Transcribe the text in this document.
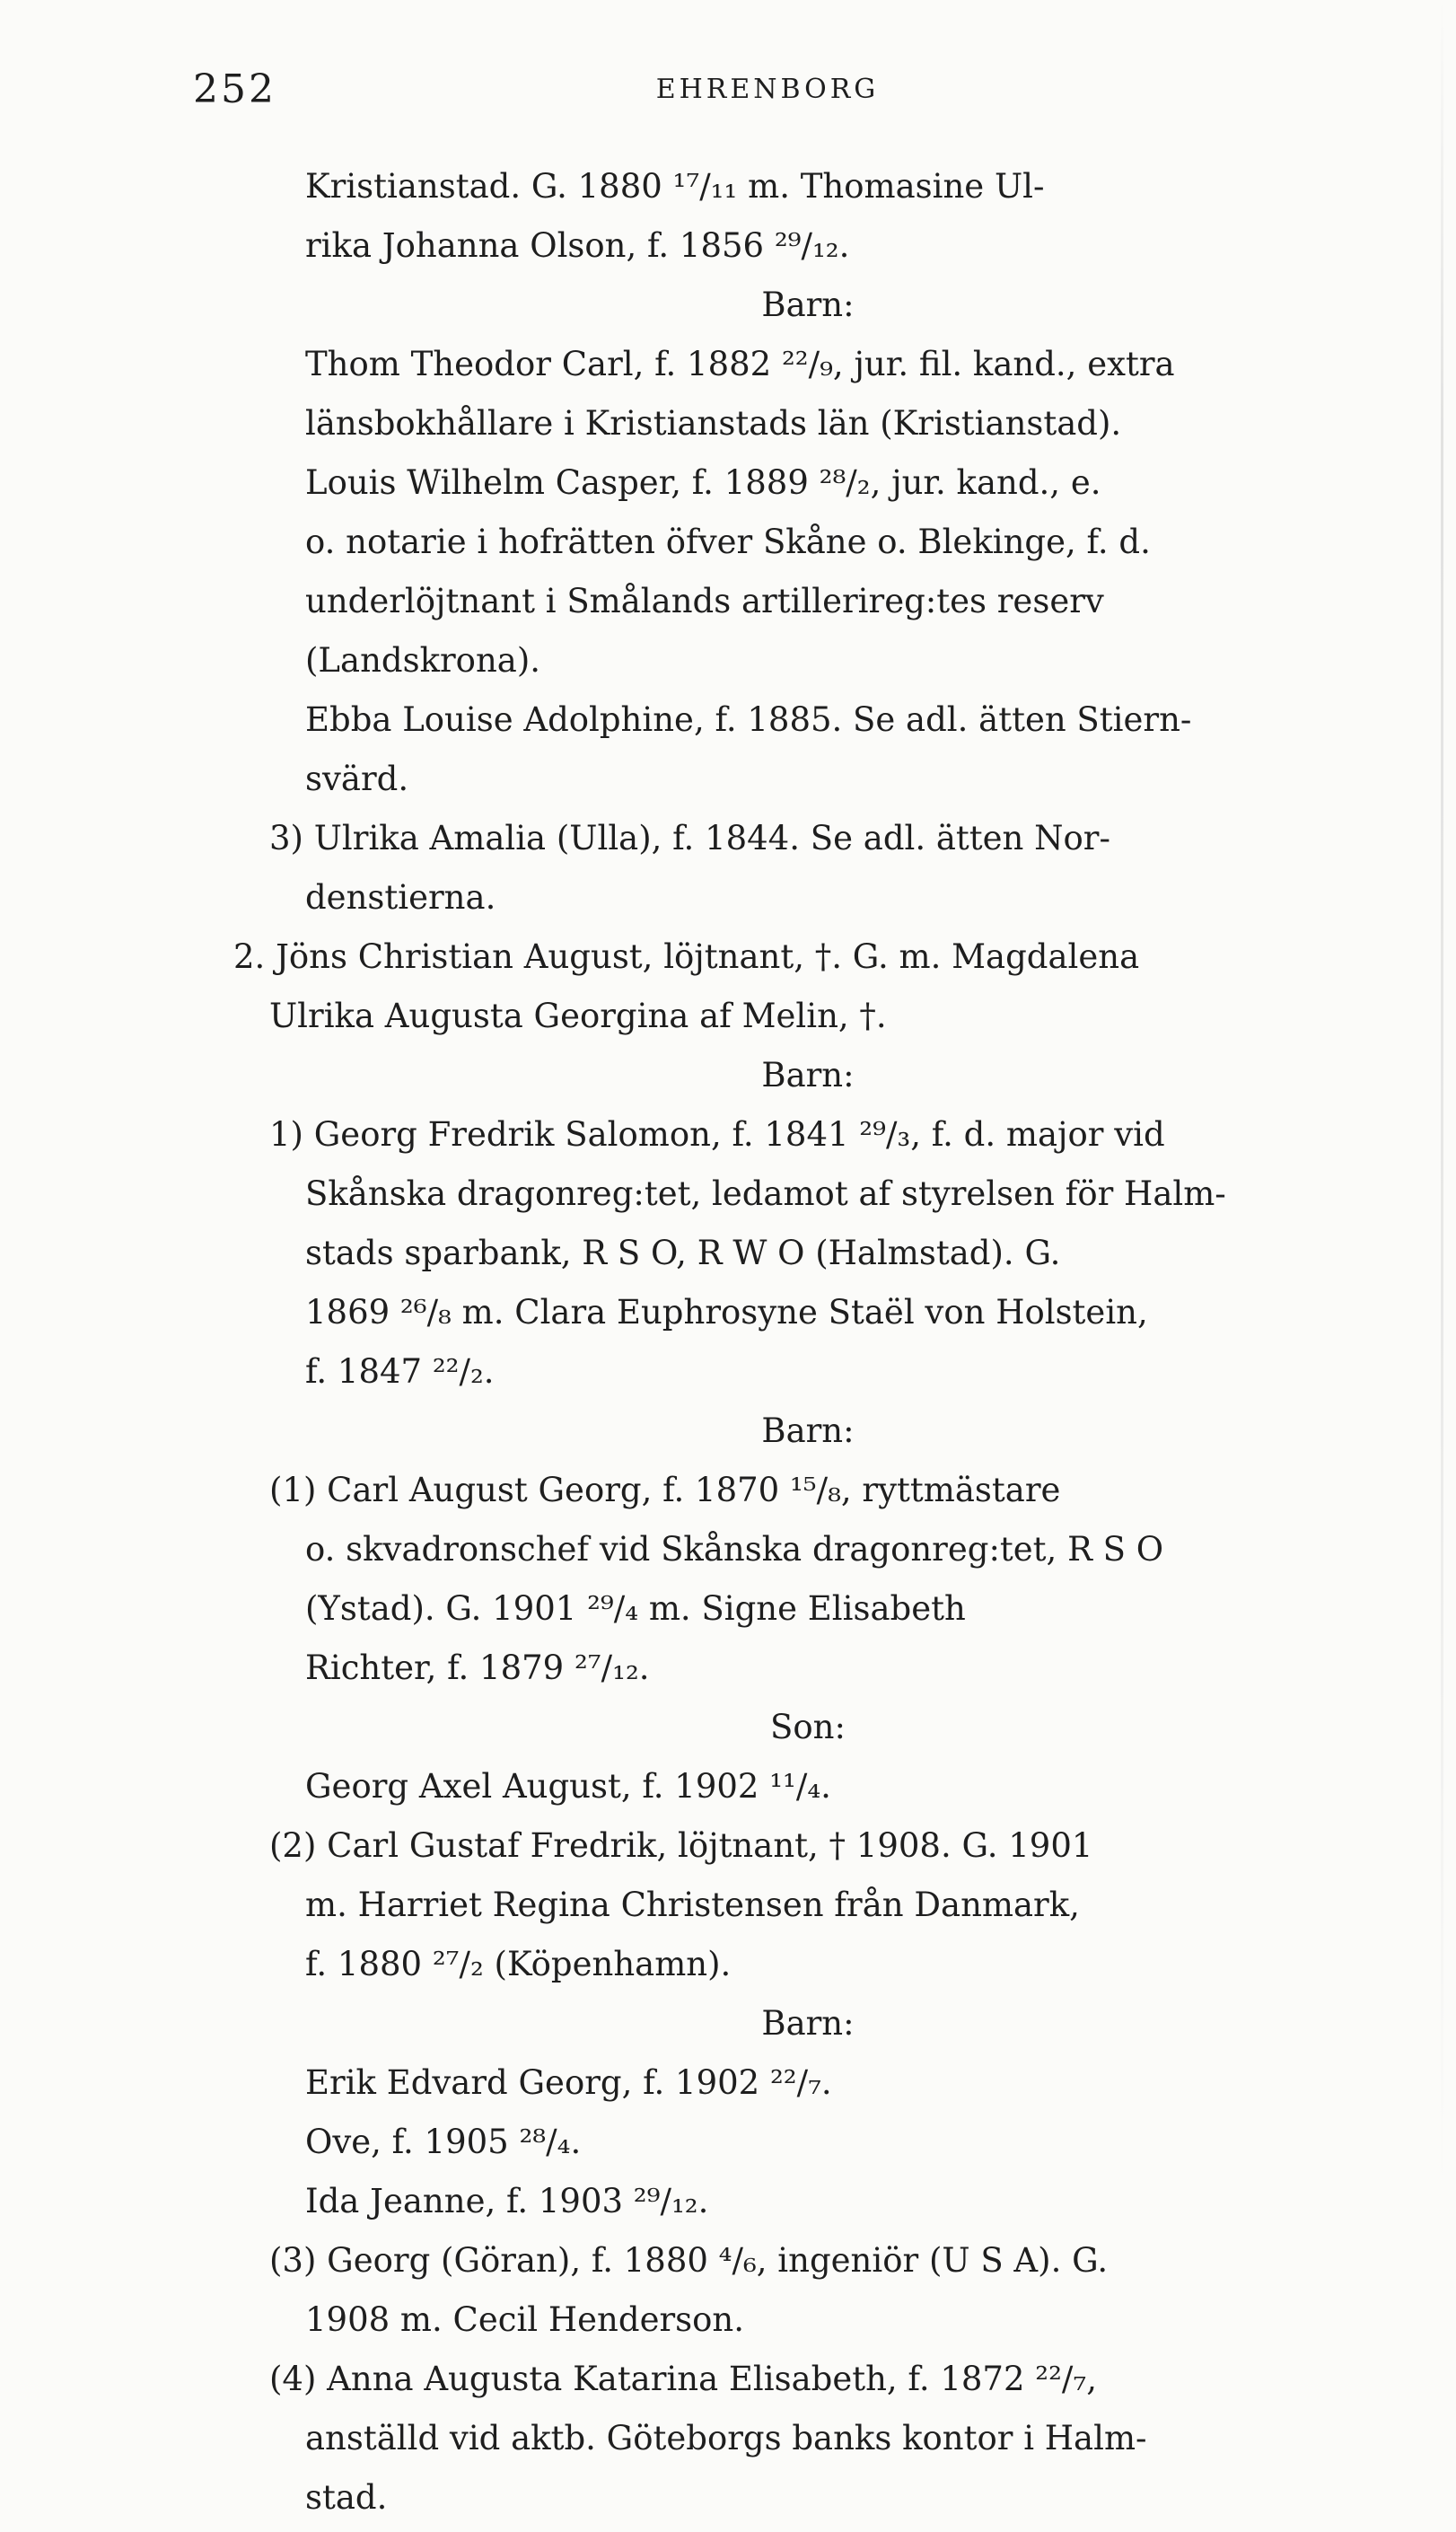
252	EHRENBORG
Kristianstad. G. 1880 ¹⁷/₁₁ m. Thomasine Ul-
rika Johanna Olson, f. 1856 ²⁹/₁₂.
Barn:
Thom Theodor Carl, f. 1882 ²²/₉, jur. fil. kand., extra
länsbokhållare i Kristianstads län (Kristianstad).
Louis Wilhelm Casper, f. 1889 ²⁸/₂, jur. kand., e.
o. notarie i hofrätten öfver Skåne o. Blekinge, f. d.
underlöjtnant i Smålands artillerireg:tes reserv
(Landskrona).
Ebba Louise Adolphine, f. 1885. Se adl. ätten Stiern-
svärd.
3) Ulrika Amalia (Ulla), f. 1844. Se adl. ätten Nor-
denstierna.
2. Jöns Christian August, löjtnant, †. G. m. Magdalena
Ulrika Augusta Georgina af Melin, †.
Barn:
1) Georg Fredrik Salomon, f. 1841 ²⁹/₃, f. d. major vid
Skånska dragonreg:tet, ledamot af styrelsen för Halm-
stads sparbank, R S O, R W O (Halmstad). G.
1869 ²⁶/₈ m. Clara Euphrosyne Staël von Holstein,
f. 1847 ²²/₂.
Barn:
(1) Carl August Georg, f. 1870 ¹⁵/₈, ryttmästare
o. skvadronschef vid Skånska dragonreg:tet, R S O
(Ystad). G. 1901 ²⁹/₄ m. Signe Elisabeth
Richter, f. 1879 ²⁷/₁₂.
Son:
Georg Axel August, f. 1902 ¹¹/₄.
(2) Carl Gustaf Fredrik, löjtnant, † 1908. G. 1901
m. Harriet Regina Christensen från Danmark,
f. 1880 ²⁷/₂ (Köpenhamn).
Barn:
Erik Edvard Georg, f. 1902 ²²/₇.
Ove, f. 1905 ²⁸/₄.
Ida Jeanne, f. 1903 ²⁹/₁₂.
(3) Georg (Göran), f. 1880 ⁴/₆, ingeniör (U S A). G.
1908 m. Cecil Henderson.
(4) Anna Augusta Katarina Elisabeth, f. 1872 ²²/₇,
anställd vid aktb. Göteborgs banks kontor i Halm-
stad.
